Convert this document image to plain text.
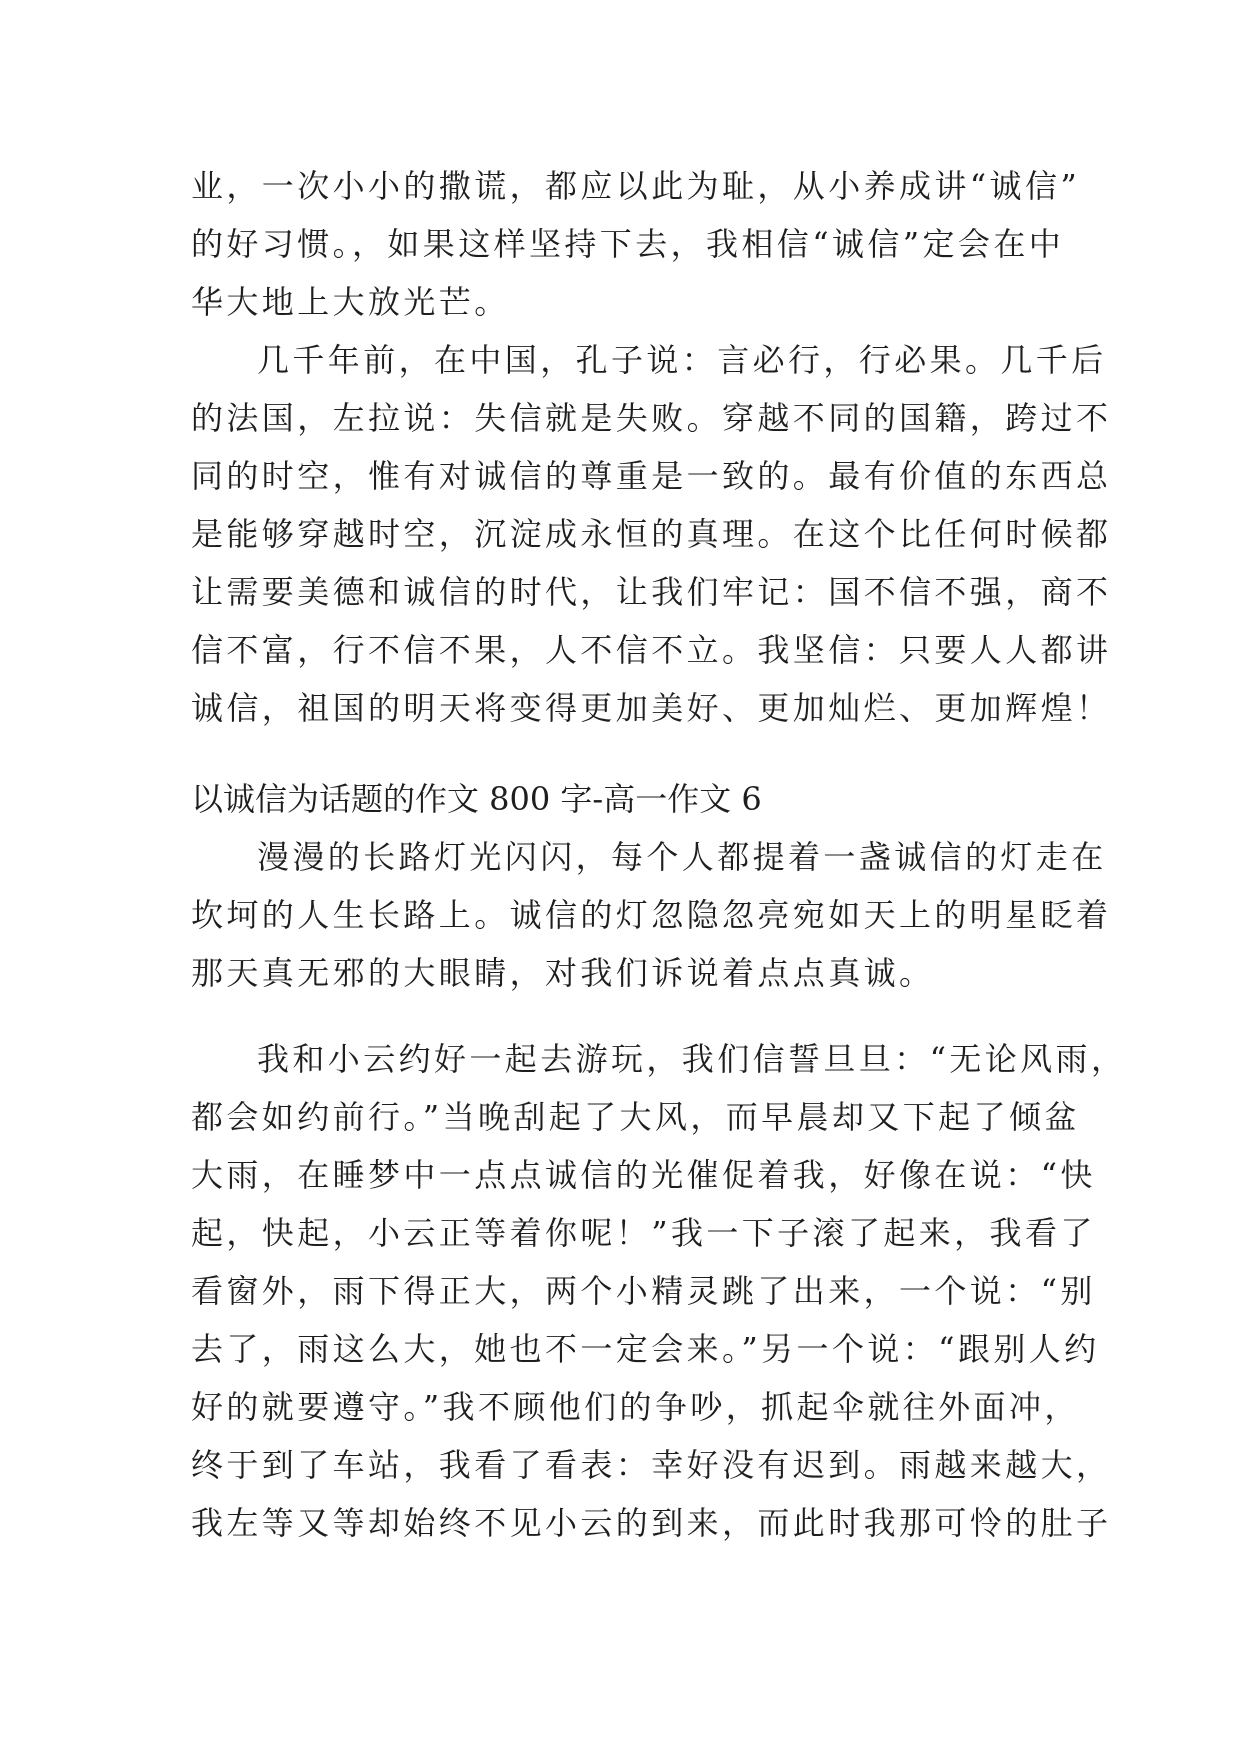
业，一次小小的撒谎，都应以此为耻，从小养成讲“诚信”
的好习惯。，如果这样坚持下去，我相信“诚信”定会在中
华大地上大放光芒。
几千年前，在中国，孔子说：言必行，行必果。几千后
的法国，左拉说：失信就是失败。穿越不同的国籍，跨过不
同的时空，惟有对诚信的尊重是一致的。最有价值的东西总
是能够穿越时空，沉淀成永恒的真理。在这个比任何时候都
让需要美德和诚信的时代，让我们牢记：国不信不强，商不
信不富，行不信不果，人不信不立。我坚信：只要人人都讲
诚信，祖国的明天将变得更加美好、更加灿烂、更加辉煌！
以诚信为话题的作文 800 字-高一作文 6
漫漫的长路灯光闪闪，每个人都提着一盏诚信的灯走在
坎坷的人生长路上。诚信的灯忽隐忽亮宛如天上的明星眨着
那天真无邪的大眼睛，对我们诉说着点点真诚。
我和小云约好一起去游玩，我们信誓旦旦：“无论风雨，
都会如约前行。”当晚刮起了大风，而早晨却又下起了倾盆
大雨，在睡梦中一点点诚信的光催促着我，好像在说：“快
起，快起，小云正等着你呢！”我一下子滚了起来，我看了
看窗外，雨下得正大，两个小精灵跳了出来，一个说：“别
去了，雨这么大，她也不一定会来。”另一个说：“跟别人约
好的就要遵守。”我不顾他们的争吵，抓起伞就往外面冲，
终于到了车站，我看了看表：幸好没有迟到。雨越来越大，
我左等又等却始终不见小云的到来，而此时我那可怜的肚子
